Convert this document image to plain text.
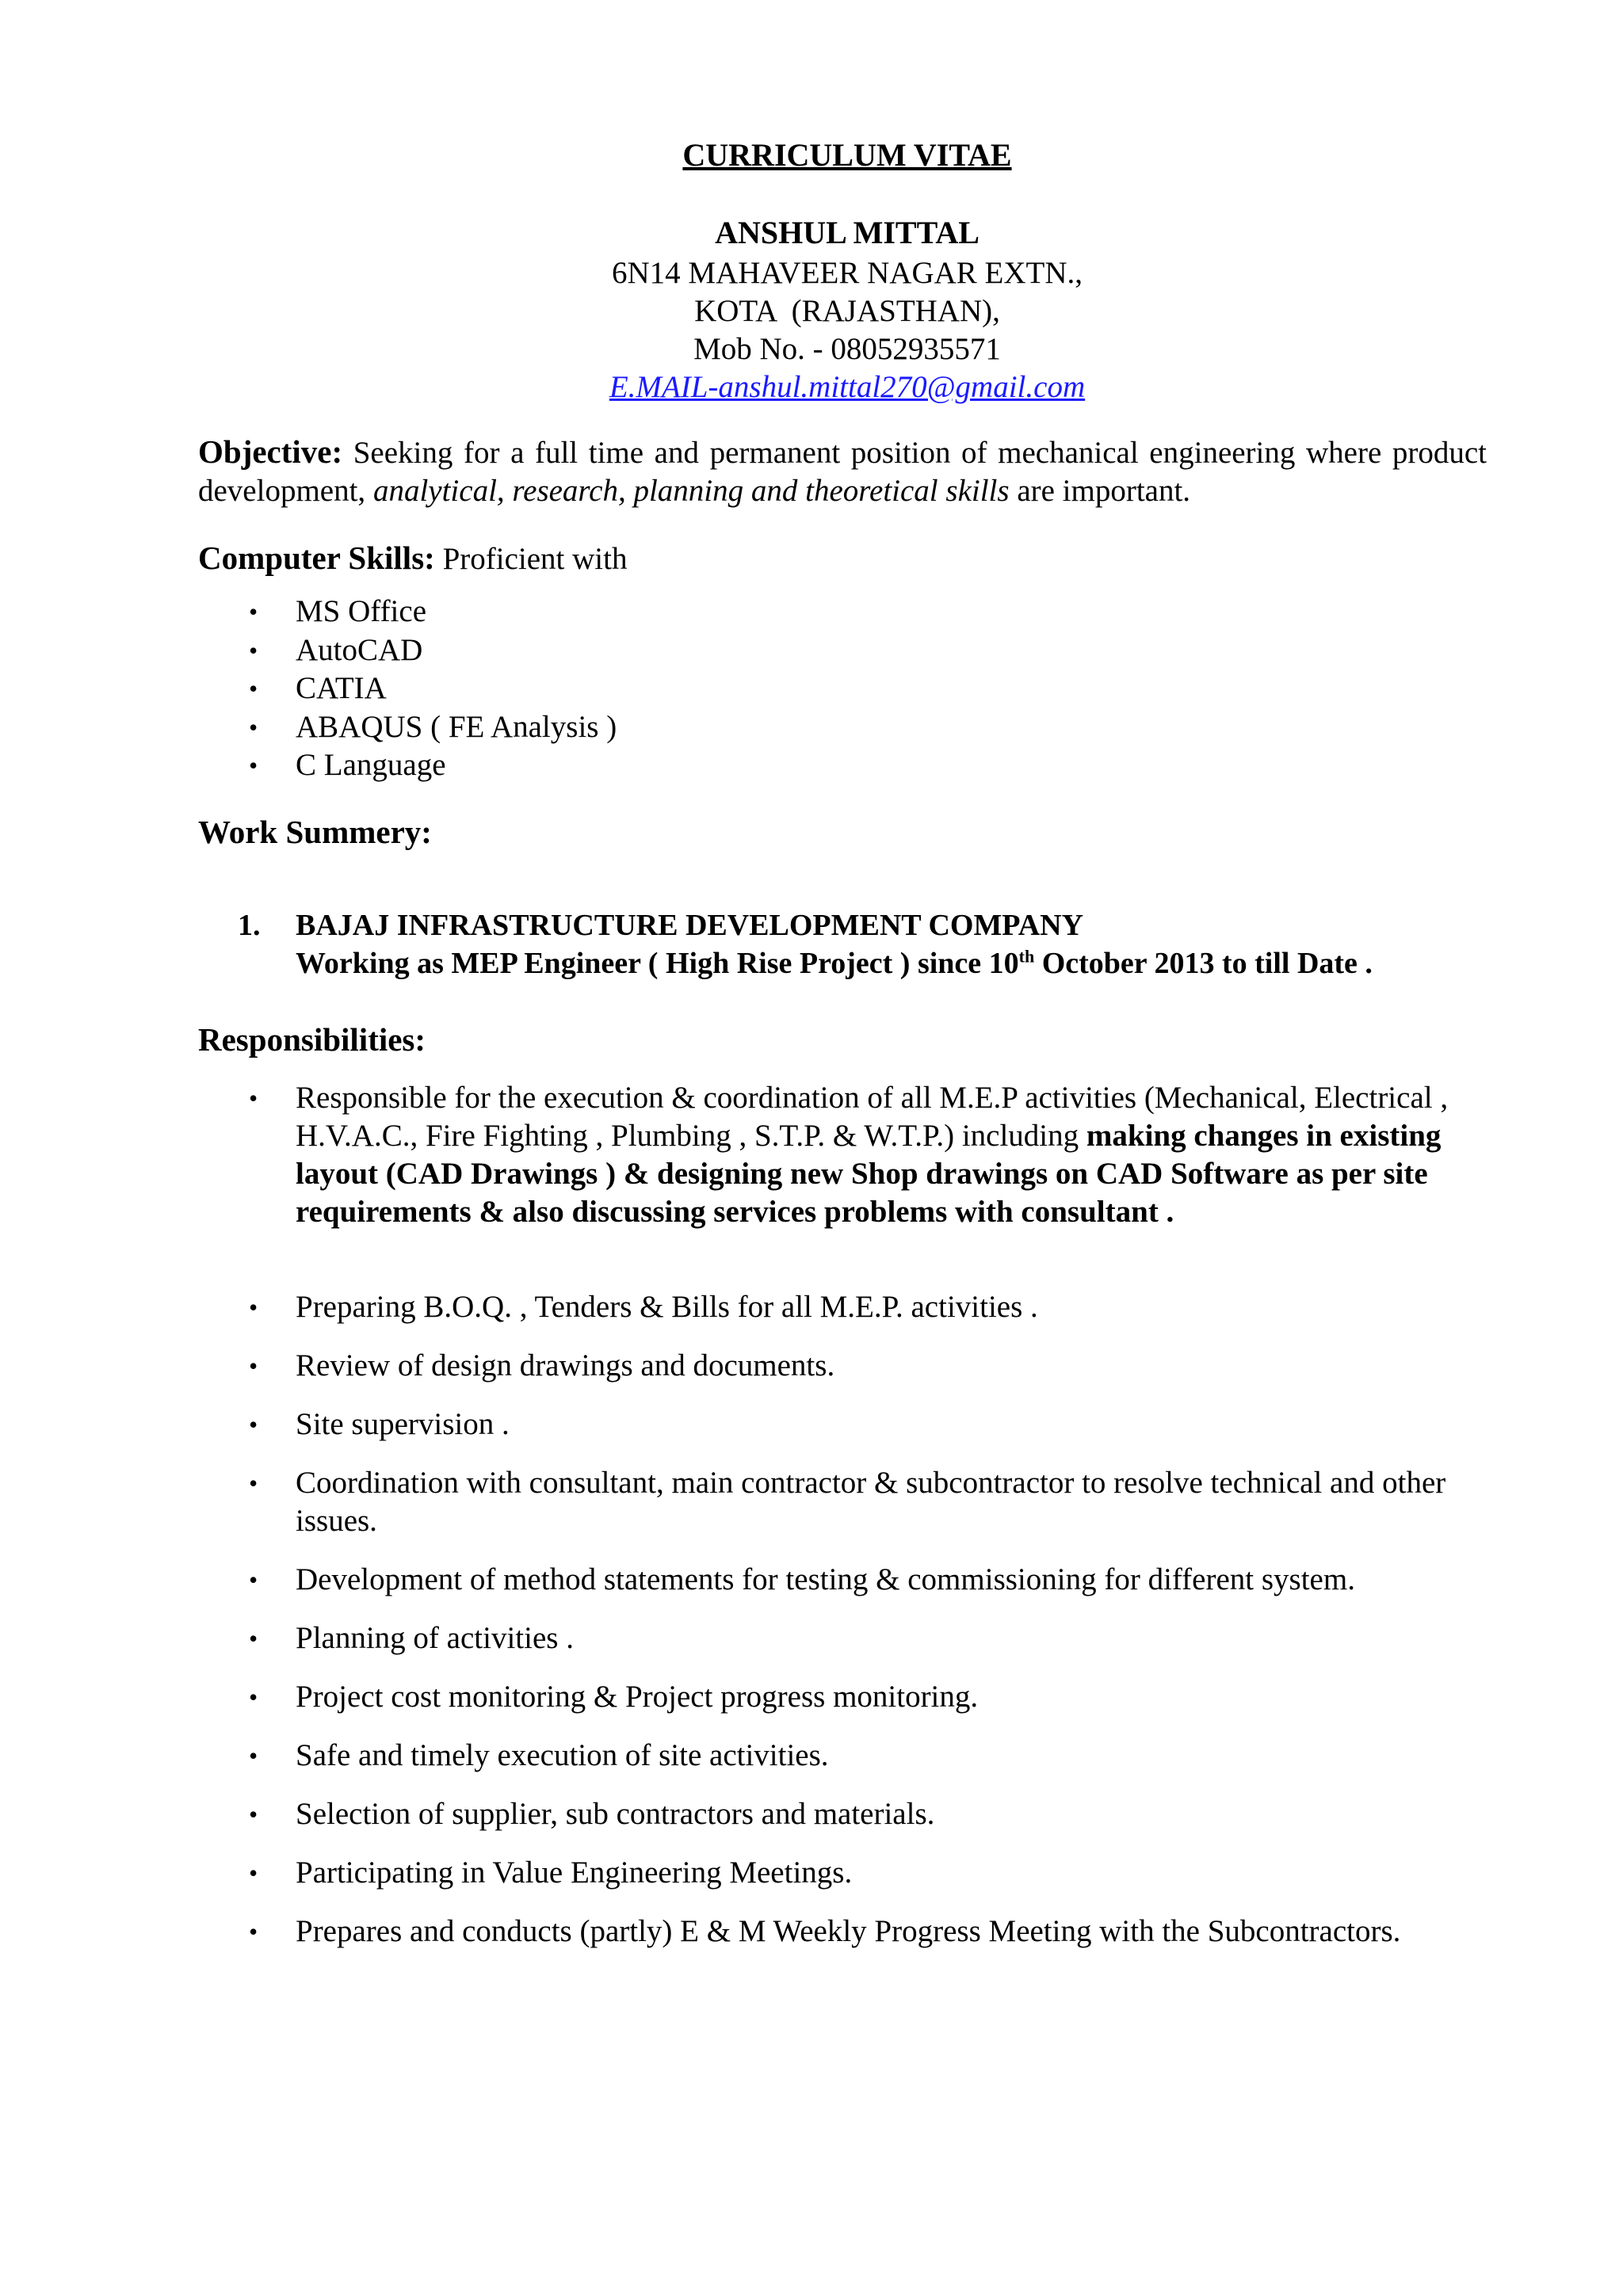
CURRICULUM VITAE
ANSHUL MITTAL
6N14 MAHAVEER NAGAR EXTN.,
KOTA  (RAJASTHAN),
Mob No. - 08052935571
E.MAIL-anshul.mittal270@gmail.com
Objective: Seeking for a full time and permanent position of mechanical engineering where product development, analytical, research, planning and theoretical skills are important.
Computer Skills: Proficient with
• MS Office
• AutoCAD
• CATIA
• ABAQUS ( FE Analysis )
• C Language
Work Summery:
1. BAJAJ INFRASTRUCTURE DEVELOPMENT COMPANY
Working as MEP Engineer ( High Rise Project ) since 10th October 2013 to till Date .
Responsibilities:
• Responsible for the execution & coordination of all M.E.P activities (Mechanical, Electrical , H.V.A.C., Fire Fighting , Plumbing , S.T.P. & W.T.P.) including making changes in existing layout (CAD Drawings ) & designing new Shop drawings on CAD Software as per site requirements & also discussing services problems with consultant .
• Preparing B.O.Q. , Tenders & Bills for all M.E.P. activities .
• Review of design drawings and documents.
• Site supervision .
• Coordination with consultant, main contractor & subcontractor to resolve technical and other issues.
• Development of method statements for testing & commissioning for different system.
• Planning of activities .
• Project cost monitoring & Project progress monitoring.
• Safe and timely execution of site activities.
• Selection of supplier, sub contractors and materials.
• Participating in Value Engineering Meetings.
• Prepares and conducts (partly) E & M Weekly Progress Meeting with the Subcontractors.
